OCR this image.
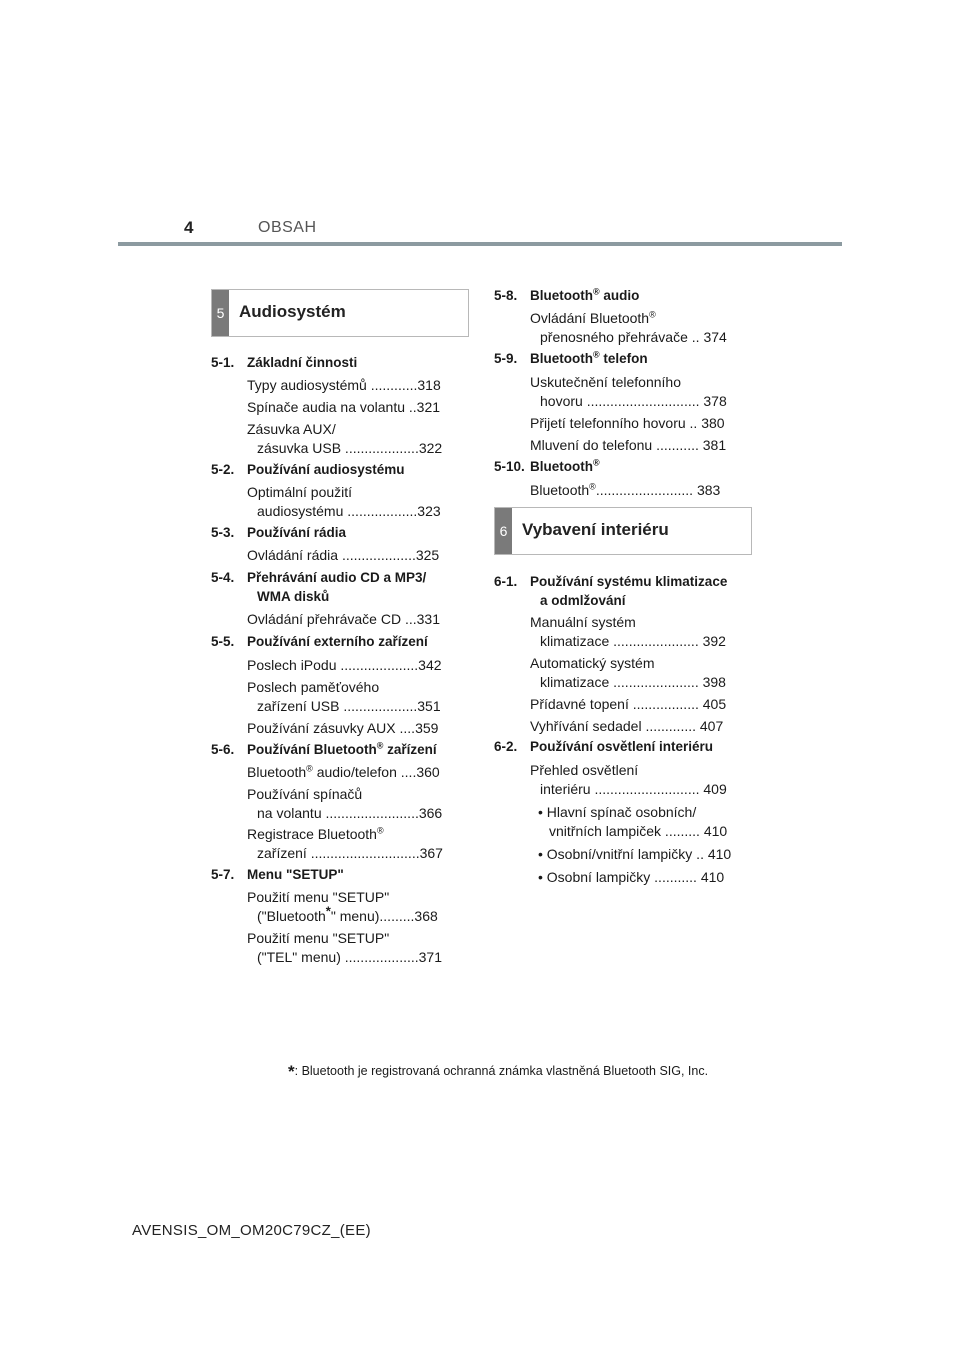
4	OBSAH
5 Audiosystém
5-1. Základní činnosti
Typy audiosystémů ............318
Spínače audia na volantu ..321
Zásuvka AUX/
zásuvka USB ...................322
5-2. Používání audiosystému
Optimální použití
audiosystému ..................323
5-3. Používání rádia
Ovládání rádia ...................325
5-4. Přehrávání audio CD a MP3/
WMA disků
Ovládání přehrávače CD ...331
5-5. Používání externího zařízení
Poslech iPodu ....................342
Poslech paměťového
zařízení USB ...................351
Používání zásuvky AUX ....359
5-6. Používání Bluetooth® zařízení
Bluetooth® audio/telefon ....360
Používání spínačů
na volantu ........................366
Registrace Bluetooth®
zařízení ............................367
5-7. Menu "SETUP"
Použití menu "SETUP"
("Bluetooth*" menu).........368
Použití menu "SETUP"
("TEL" menu) ...................371
5-8. Bluetooth® audio
Ovládání Bluetooth®
přenosného přehrávače .. 374
5-9. Bluetooth® telefon
Uskutečnění telefonního
hovoru ............................. 378
Přijetí telefonního hovoru .. 380
Mluvení do telefonu ........... 381
5-10. Bluetooth®
Bluetooth®......................... 383
6 Vybavení interiéru
6-1. Používání systému klimatizace
a odmlžování
Manuální systém
klimatizace ...................... 392
Automatický systém
klimatizace ...................... 398
Přídavné topení ................. 405
Vyhřívání sedadel ............. 407
6-2. Používání osvětlení interiéru
Přehled osvětlení
interiéru ........................... 409
• Hlavní spínač osobních/
vnitřních lampiček ......... 410
• Osobní/vnitřní lampičky .. 410
• Osobní lampičky ........... 410
*: Bluetooth je registrovaná ochranná známka vlastněná Bluetooth SIG, Inc.
AVENSIS_OM_OM20C79CZ_(EE)
